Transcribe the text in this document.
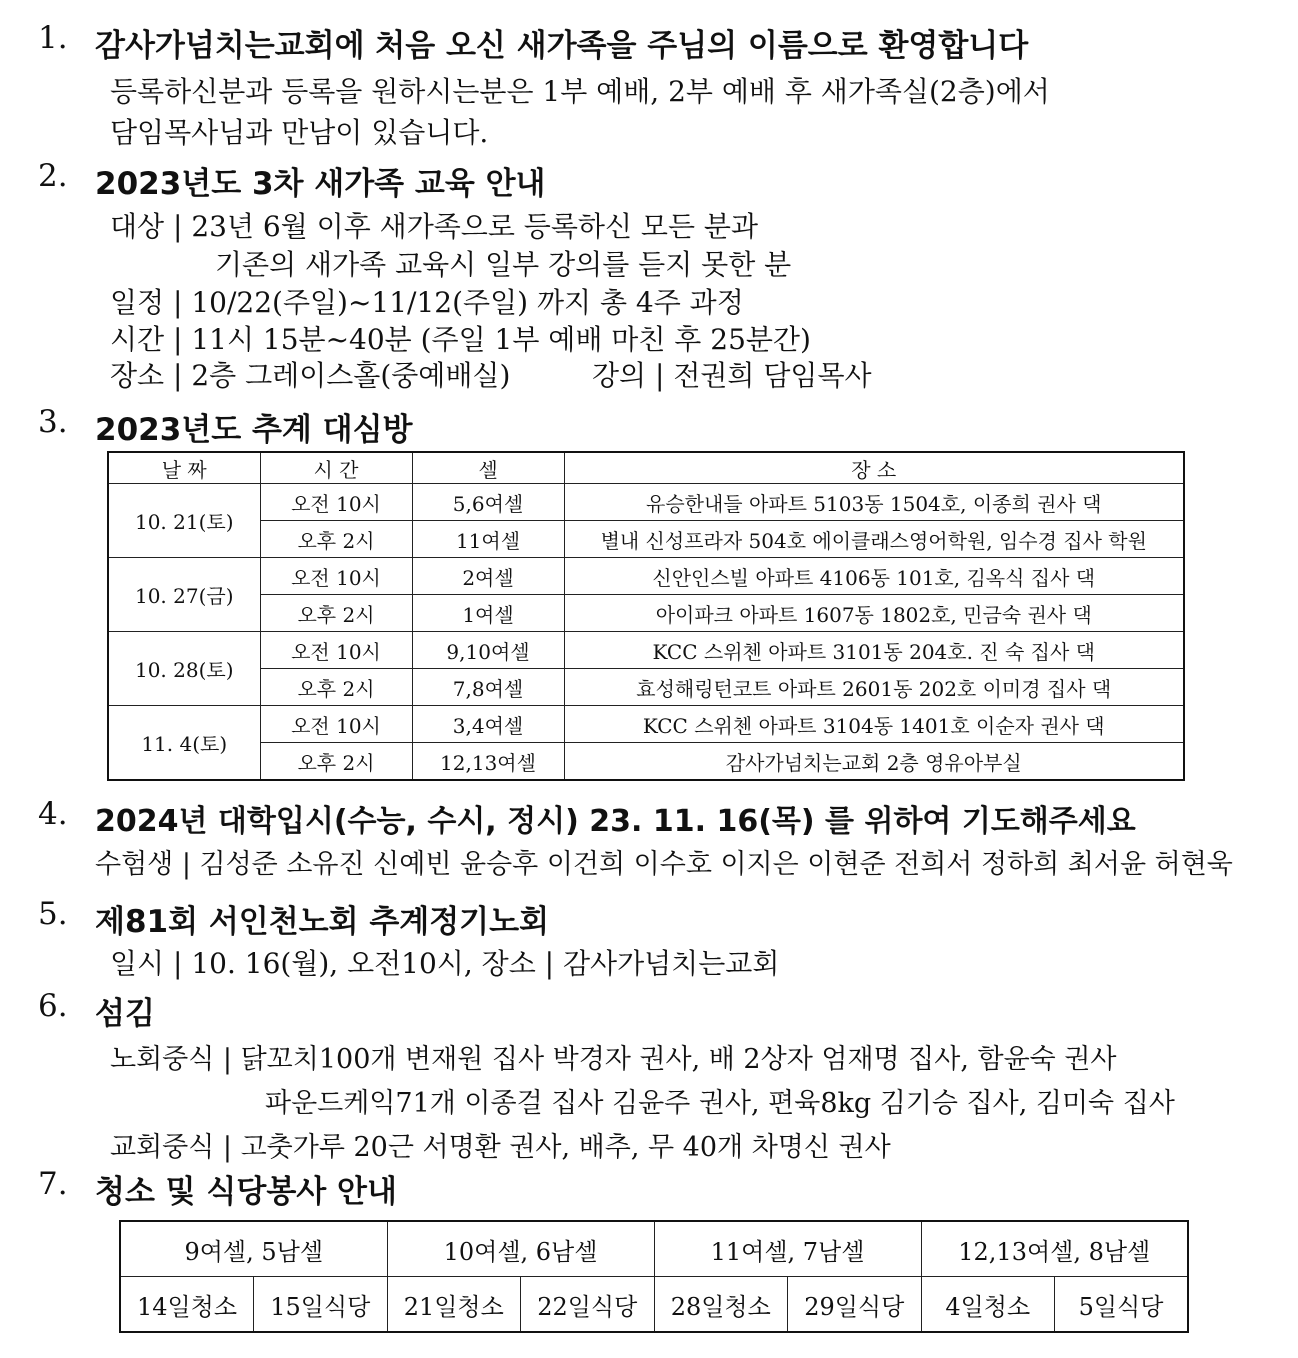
1. 감사가넘치는교회에 처음 오신 새가족을 주님의 이름으로 환영합니다
등록하신분과 등록을 원하시는분은 1부 예배, 2부 예배 후 새가족실(2층)에서
담임목사님과 만남이 있습니다.
2. 2023년도 3차 새가족 교육 안내
대상 | 23년 6월 이후 새가족으로 등록하신 모든 분과
기존의 새가족 교육시 일부 강의를 듣지 못한 분
일정 | 10/22(주일)~11/12(주일) 까지 총 4주 과정
시간 | 11시 15분~40분 (주일 1부 예배 마친 후 25분간)
장소 | 2층 그레이스홀(중예배실)	강의 | 전권희 담임목사
3. 2023년도 추계 대심방
날 짜	시 간	셀	장 소
10. 21(토)	오전 10시	5,6여셀	유승한내들 아파트 5103동 1504호, 이종희 권사 댁
	오후 2시	11여셀	별내 신성프라자 504호 에이클래스영어학원, 임수경 집사 학원
10. 27(금)	오전 10시	2여셀	신안인스빌 아파트 4106동 101호, 김옥식 집사 댁
	오후 2시	1여셀	아이파크 아파트 1607동 1802호, 민금숙 권사 댁
10. 28(토)	오전 10시	9,10여셀	KCC 스위첸 아파트 3101동 204호. 진 숙 집사 댁
	오후 2시	7,8여셀	효성해링턴코트 아파트 2601동 202호 이미경 집사 댁
11. 4(토)	오전 10시	3,4여셀	KCC 스위첸 아파트 3104동 1401호 이순자 권사 댁
	오후 2시	12,13여셀	감사가넘치는교회 2층 영유아부실
4. 2024년 대학입시(수능, 수시, 정시) 23. 11. 16(목) 를 위하여 기도해주세요
수험생 | 김성준 소유진 신예빈 윤승후 이건희 이수호 이지은 이현준 전희서 정하희 최서윤 허현욱
5. 제81회 서인천노회 추계정기노회
일시 | 10. 16(월), 오전10시, 장소 | 감사가넘치는교회
6. 섬김
노회중식 | 닭꼬치100개 변재원 집사 박경자 권사, 배 2상자 엄재명 집사, 함윤숙 권사
파운드케익71개 이종걸 집사 김윤주 권사, 편육8kg 김기승 집사, 김미숙 집사
교회중식 | 고춧가루 20근 서명환 권사, 배추, 무 40개 차명신 권사
7. 청소 및 식당봉사 안내
9여셀, 5남셀		10여셀, 6남셀		11여셀, 7남셀		12,13여셀, 8남셀	
14일청소	15일식당	21일청소	22일식당	28일청소	29일식당	4일청소	5일식당
